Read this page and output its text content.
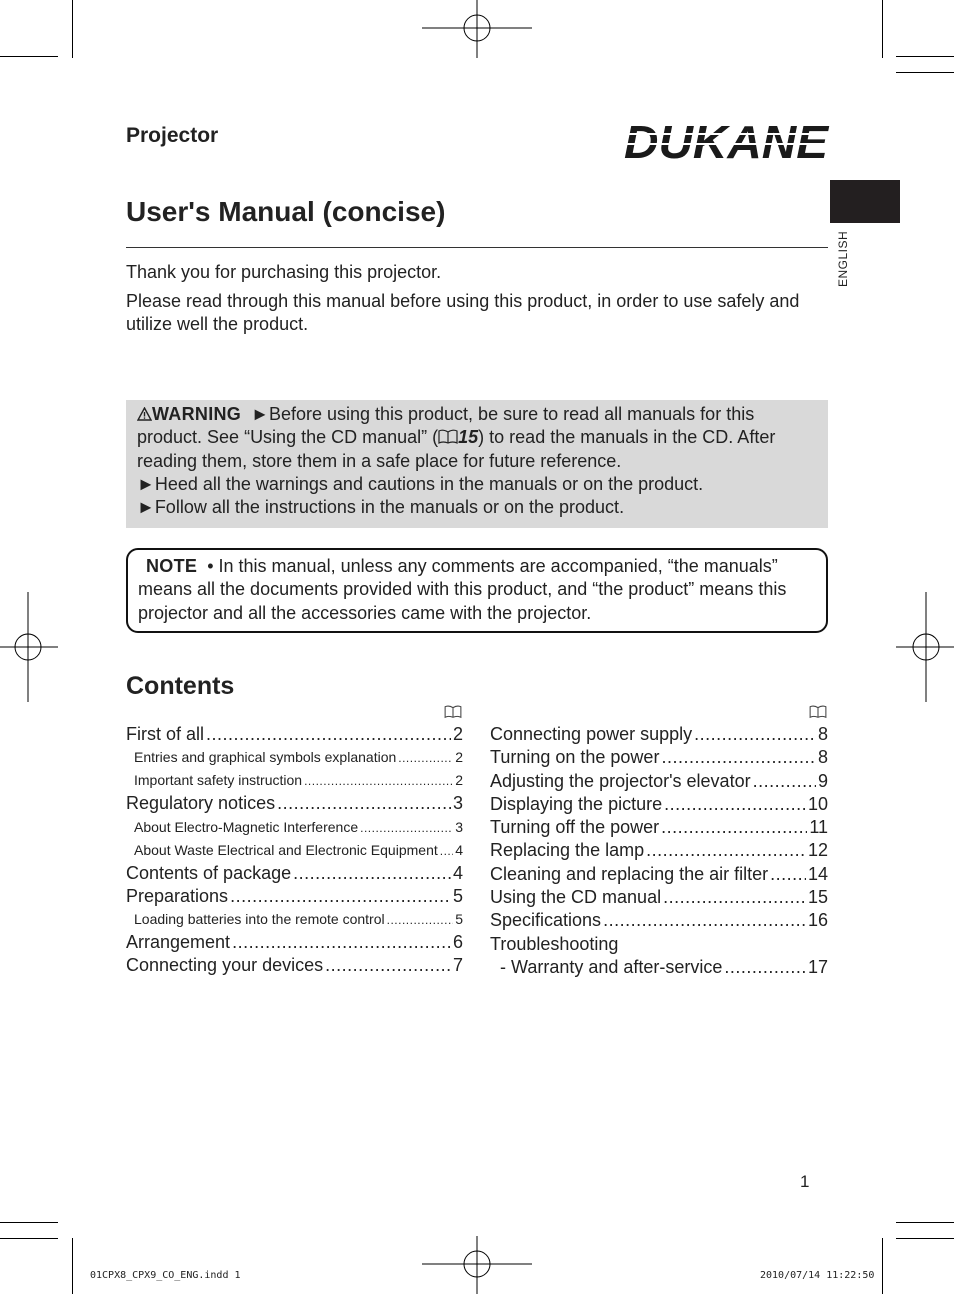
Projector	DUKANE
User's Manual (concise)
ENGLISH
Thank you for purchasing this projector.
Please read through this manual before using this product, in order to use safely and utilize well the product.
WARNING ►Before using this product, be sure to read all manuals for this product. See “Using the CD manual” ( 15) to read the manuals in the CD. After reading them, store them in a safe place for future reference.
►Heed all the warnings and cautions in the manuals or on the product.
►Follow all the instructions in the manuals or on the product.
NOTE • In this manual, unless any comments are accompanied, “the manuals” means all the documents provided with this product, and “the product” means this projector and all the accessories came with the projector.
Contents
First of all .....	2
Entries and graphical symbols explanation .....	2
Important safety instruction .....	2
Regulatory notices .....	3
About Electro-Magnetic Interference .....	3
About Waste Electrical and Electronic Equipment ..... 4
Contents of package .....	4
Preparations .....	5
Loading batteries into the remote control .....	5
Arrangement .....	6
Connecting your devices .....	7
Connecting power supply .....	8
Turning on the power .....	8
Adjusting the projector's elevator .....	9
Displaying the picture .....	10
Turning off the power .....	11
Replacing the lamp .....	12
Cleaning and replacing the air filter ..... 14
Using the CD manual .....	15
Specifications .....	16
Troubleshooting
- Warranty and after-service .....	17
1
01CPX8_CPX9_CO_ENG.indd 1	2010/07/14 11:22:50
